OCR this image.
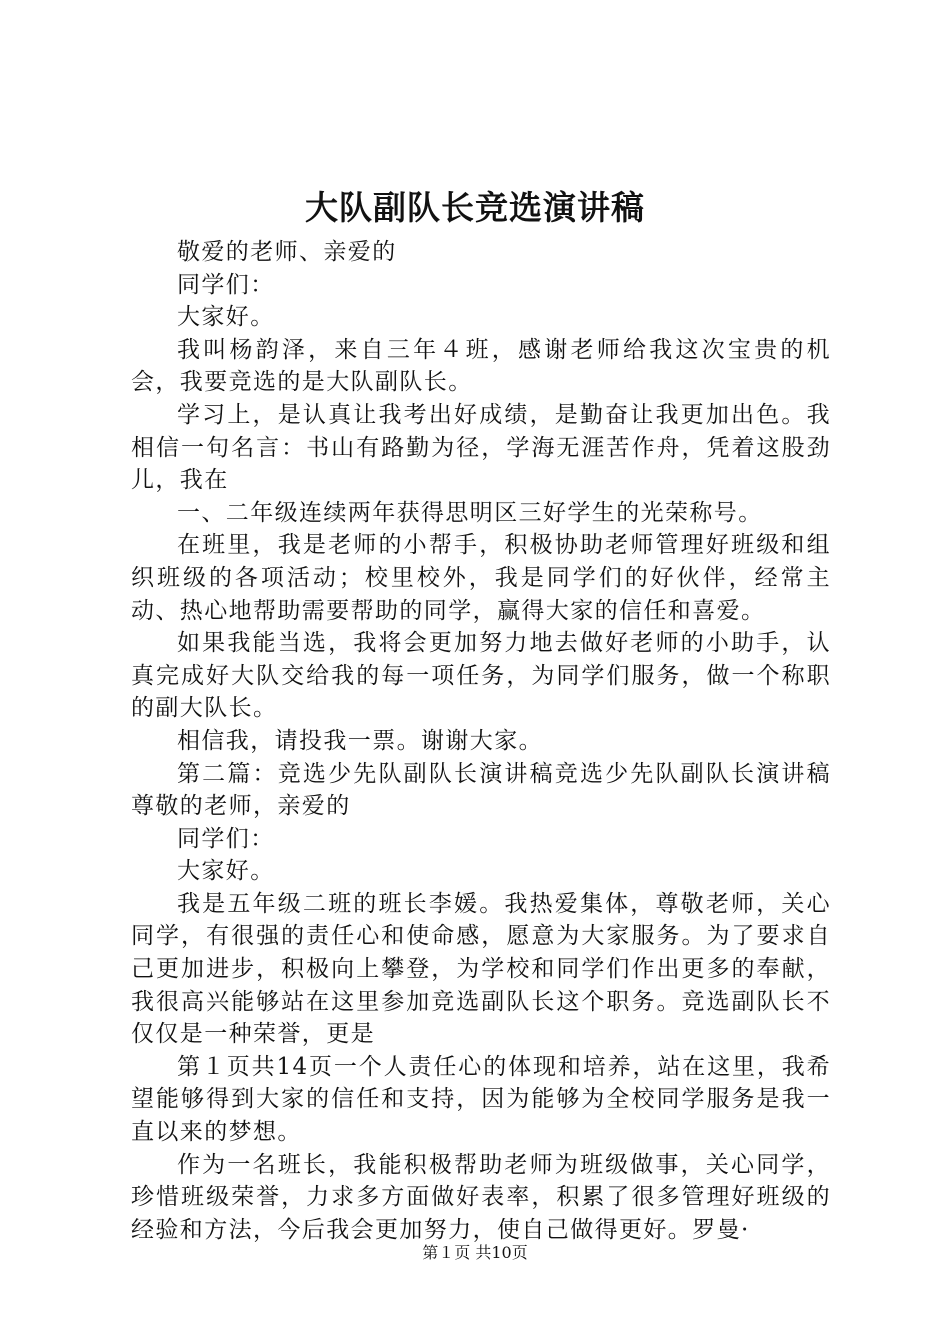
大队副队长竞选演讲稿

敬爱的老师、亲爱的

同学们：

大家好。

我叫杨韵泽，来自三年４班，感谢老师给我这次宝贵的机会，我要竞选的是大队副队长。

学习上，是认真让我考出好成绩，是勤奋让我更加出色。我相信一句名言：书山有路勤为径，学海无涯苦作舟，凭着这股劲儿，我在

一、二年级连续两年获得思明区三好学生的光荣称号。

在班里，我是老师的小帮手，积极协助老师管理好班级和组织班级的各项活动；校里校外，我是同学们的好伙伴，经常主动、热心地帮助需要帮助的同学，赢得大家的信任和喜爱。

如果我能当选，我将会更加努力地去做好老师的小助手，认真完成好大队交给我的每一项任务，为同学们服务，做一个称职的副大队长。

相信我，请投我一票。谢谢大家。

第二篇：竞选少先队副队长演讲稿竞选少先队副队长演讲稿尊敬的老师，亲爱的

同学们：

大家好。

我是五年级二班的班长李媛。我热爱集体，尊敬老师，关心同学，有很强的责任心和使命感，愿意为大家服务。为了要求自己更加进步，积极向上攀登，为学校和同学们作出更多的奉献，我很高兴能够站在这里参加竞选副队长这个职务。竞选副队长不仅仅是一种荣誉，更是

第１页共14页一个人责任心的体现和培养，站在这里，我希望能够得到大家的信任和支持，因为能够为全校同学服务是我一直以来的梦想。

作为一名班长，我能积极帮助老师为班级做事，关心同学，珍惜班级荣誉，力求多方面做好表率，积累了很多管理好班级的经验和方法，今后我会更加努力，使自己做得更好。罗曼·

第１页 共10页
